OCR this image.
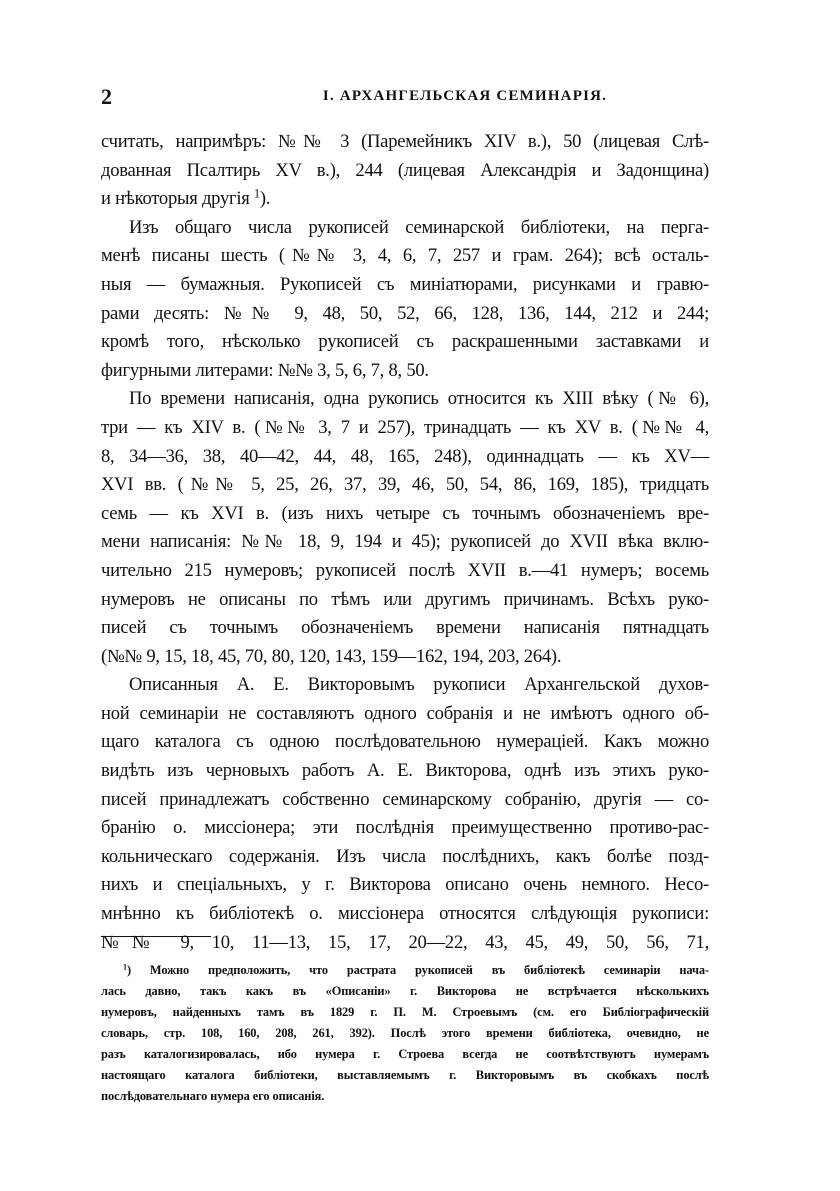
2	I. АРХАНГЕЛЬСКАЯ СЕМИНАРІЯ.

считать, напримѣръ: №№ 3 (Паремейникъ XIV в.), 50 (лицевая Слѣ-
дованная Псалтирь XV в.), 244 (лицевая Александрія и Задонщина)
и нѣкоторыя другія $^1$).

Изъ общаго числа рукописей семинарской библіотеки, на перга-
менѣ писаны шесть (№№ 3, 4, 6, 7, 257 и грам. 264); всѣ осталь-
ныя — бумажныя. Рукописей съ миніатюрами, рисунками и гравю-
рами десять: №№ 9, 48, 50, 52, 66, 128, 136, 144, 212 и 244;
кромѣ того, нѣсколько рукописей съ раскрашенными заставками и
фигурными литерами: №№ 3, 5, 6, 7, 8, 50.

По времени написанія, одна рукопись относится къ XIII вѣку (№ 6),
три — къ XIV в. (№№ 3, 7 и 257), тринадцать — къ XV в. (№№ 4,
8, 34—36, 38, 40—42, 44, 48, 165, 248), одиннадцать — къ XV—
XVI вв. (№№ 5, 25, 26, 37, 39, 46, 50, 54, 86, 169, 185), тридцать
семь — къ XVI в. (изъ нихъ четыре съ точнымъ обозначеніемъ вре-
мени написанія: №№ 18, 9, 194 и 45); рукописей до XVII вѣка вклю-
чительно 215 нумеровъ; рукописей послѣ XVII в.—41 нумеръ; восемь
нумеровъ не описаны по тѣмъ или другимъ причинамъ. Всѣхъ руко-
писей съ точнымъ обозначеніемъ времени написанія пятнадцать
(№№ 9, 15, 18, 45, 70, 80, 120, 143, 159—162, 194, 203, 264).

Описанныя А. Е. Викторовымъ рукописи Архангельской духов-
ной семинаріи не составляютъ одного собранія и не имѣютъ одного об-
щаго каталога съ одною послѣдовательною нумераціей. Какъ можно
видѣть изъ черновыхъ работъ А. Е. Викторова, однѣ изъ этихъ руко-
писей принадлежатъ собственно семинарскому собранію, другія — со-
бранію о. миссіонера; эти послѣднія преимущественно противо-рас-
кольническаго содержанія. Изъ числа послѣднихъ, какъ болѣе позд-
нихъ и спеціальныхъ, у г. Викторова описано очень немного. Несо-
мнѣнно къ библіотекѣ о. миссіонера относятся слѣдующія рукописи:
№№ 9, 10, 11—13, 15, 17, 20—22, 43, 45, 49, 50, 56, 71,

$^1$) Можно предположить, что растрата рукописей въ библіотекѣ семинаріи нача-
лась давно, такъ какъ въ «Описаніи» г. Викторова не встрѣчается нѣсколькихъ
нумеровъ, найденныхъ тамъ въ 1829 г. П. М. Строевымъ (см. его Библіографическій
словарь, стр. 108, 160, 208, 261, 392). Послѣ этого времени библіотека, очевидно, не
разъ каталогизировалась, ибо нумера г. Строева всегда не соотвѣтствуютъ нумерамъ
настоящаго каталога библіотеки, выставляемымъ г. Викторовымъ въ скобкахъ послѣ
послѣдовательнаго нумера его описанія.
